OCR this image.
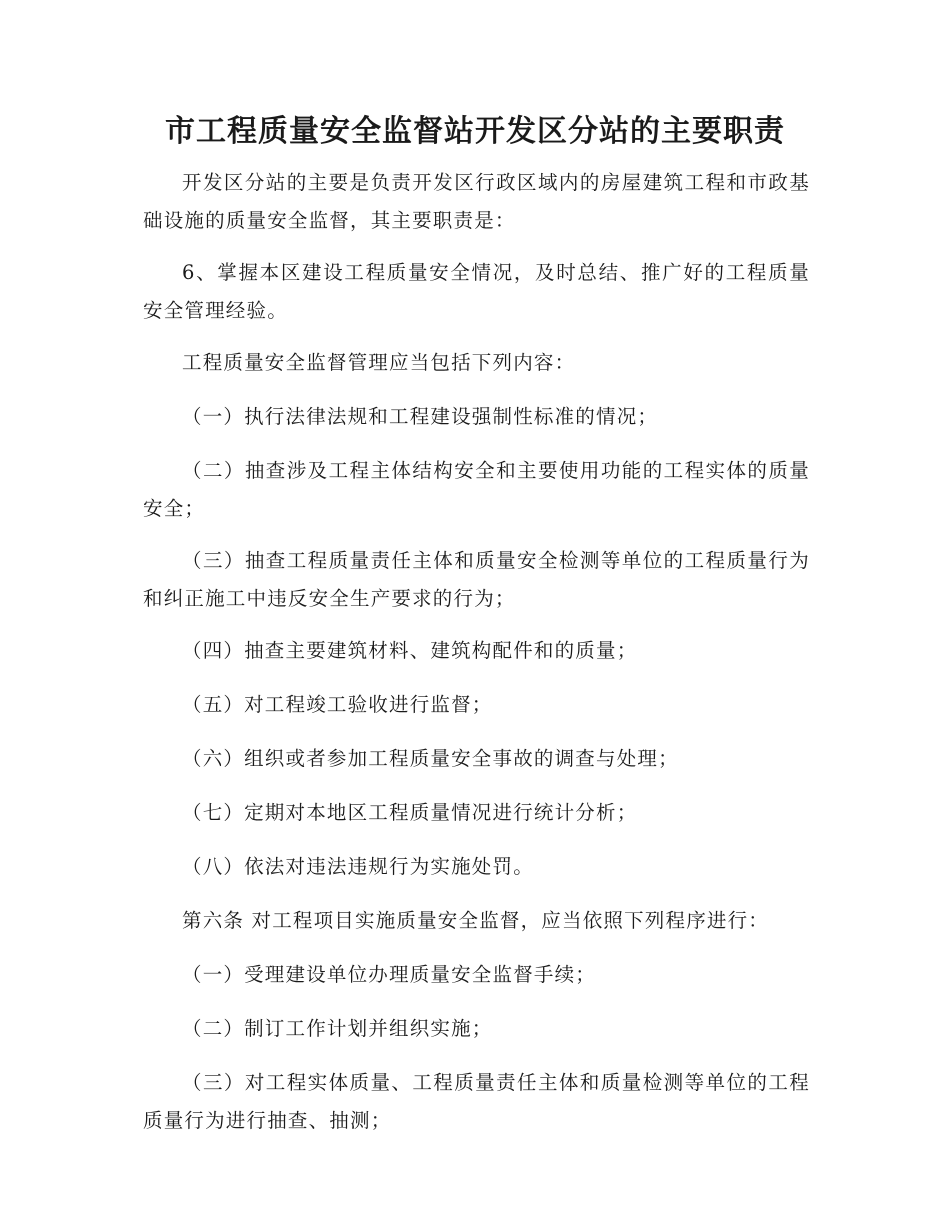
市工程质量安全监督站开发区分站的主要职责

开发区分站的主要是负责开发区行政区域内的房屋建筑工程和市政基础设施的质量安全监督，其主要职责是：

6、掌握本区建设工程质量安全情况，及时总结、推广好的工程质量安全管理经验。

工程质量安全监督管理应当包括下列内容：

（一）执行法律法规和工程建设强制性标准的情况；

（二）抽查涉及工程主体结构安全和主要使用功能的工程实体的质量安全；

（三）抽查工程质量责任主体和质量安全检测等单位的工程质量行为和纠正施工中违反安全生产要求的行为；

（四）抽查主要建筑材料、建筑构配件和的质量；

（五）对工程竣工验收进行监督；

（六）组织或者参加工程质量安全事故的调查与处理；

（七）定期对本地区工程质量情况进行统计分析；

（八）依法对违法违规行为实施处罚。

第六条 对工程项目实施质量安全监督，应当依照下列程序进行：

（一）受理建设单位办理质量安全监督手续；

（二）制订工作计划并组织实施；

（三）对工程实体质量、工程质量责任主体和质量检测等单位的工程质量行为进行抽查、抽测；
